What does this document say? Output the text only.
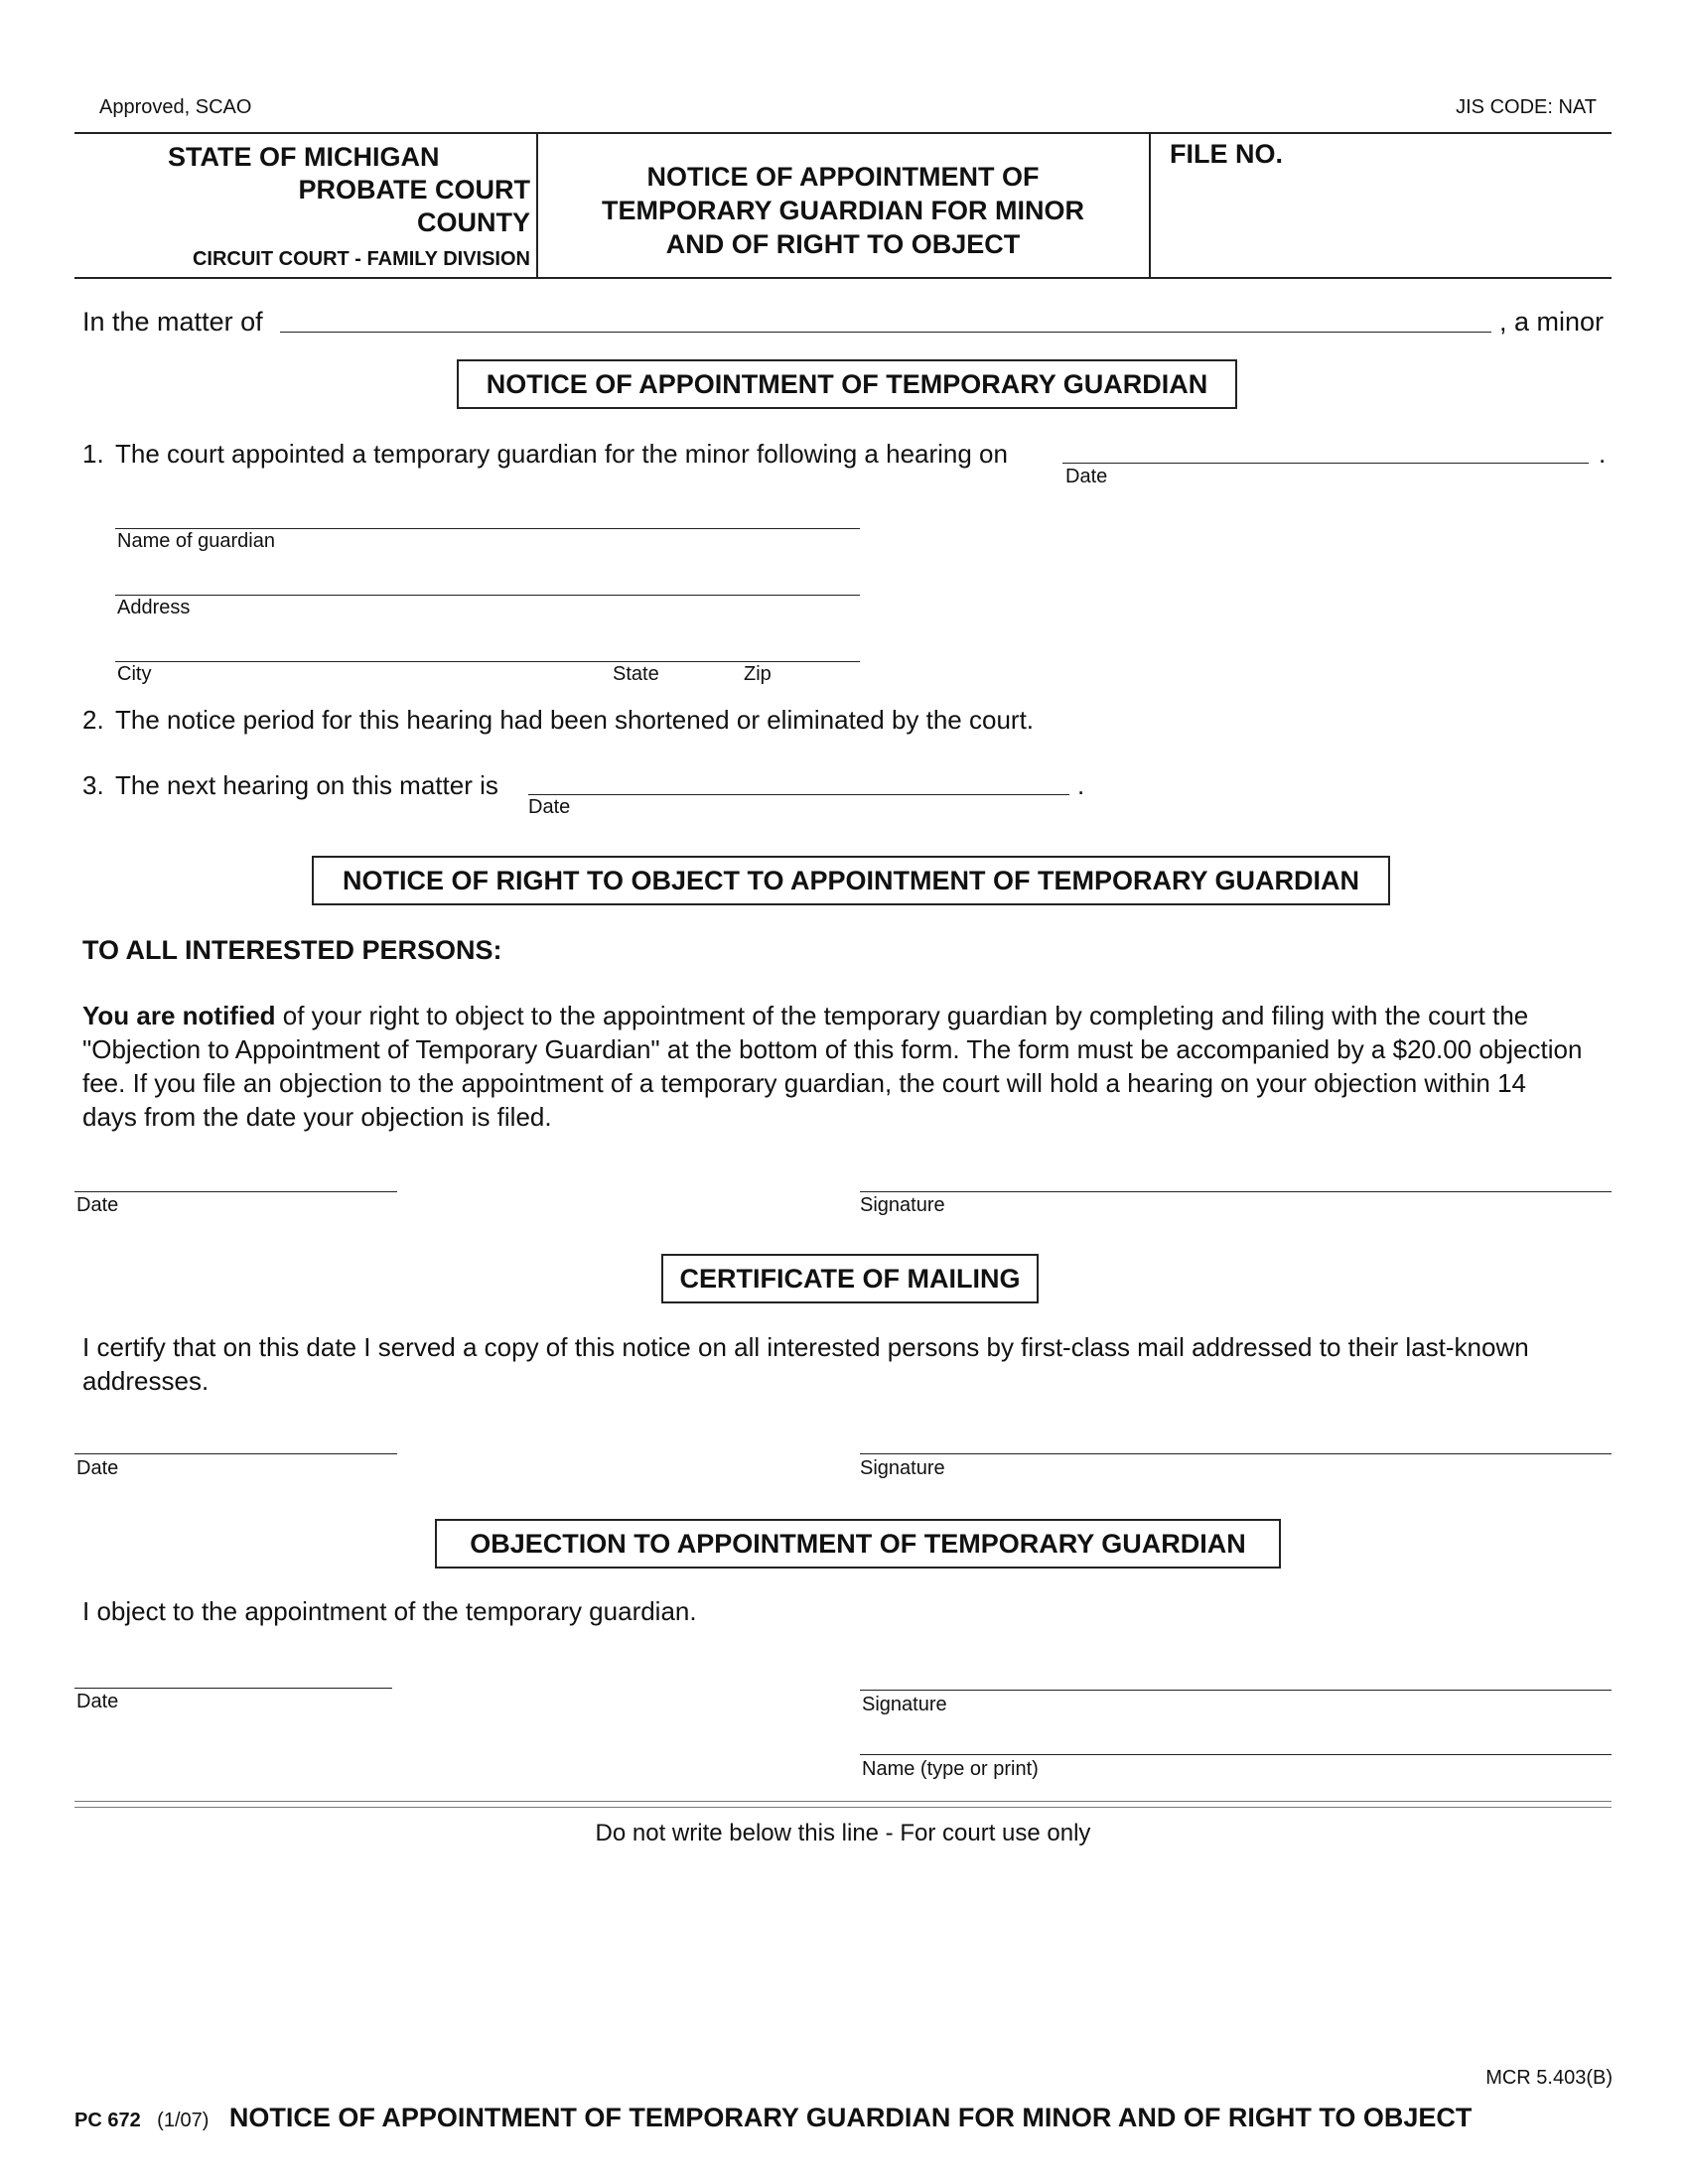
Approved, SCAO	JIS CODE: NAT
STATE OF MICHIGAN
PROBATE COURT
COUNTY
CIRCUIT COURT - FAMILY DIVISION
NOTICE OF APPOINTMENT OF
TEMPORARY GUARDIAN FOR MINOR
AND OF RIGHT TO OBJECT
FILE NO.
In the matter of	, a minor
NOTICE OF APPOINTMENT OF TEMPORARY GUARDIAN
1. The court appointed a temporary guardian for the minor following a hearing on	.
Date
Name of guardian
Address
City	State	Zip
2. The notice period for this hearing had been shortened or eliminated by the court.
3. The next hearing on this matter is	.
Date
NOTICE OF RIGHT TO OBJECT TO APPOINTMENT OF TEMPORARY GUARDIAN
TO ALL INTERESTED PERSONS:
You are notified of your right to object to the appointment of the temporary guardian by completing and filing with the court the
"Objection to Appointment of Temporary Guardian" at the bottom of this form. The form must be accompanied by a $20.00 objection
fee. If you file an objection to the appointment of a temporary guardian, the court will hold a hearing on your objection within 14
days from the date your objection is filed.
Date	Signature
CERTIFICATE OF MAILING
I certify that on this date I served a copy of this notice on all interested persons by first-class mail addressed to their last-known
addresses.
Date	Signature
OBJECTION TO APPOINTMENT OF TEMPORARY GUARDIAN
I object to the appointment of the temporary guardian.
Date	Signature
Name (type or print)
Do not write below this line - For court use only
MCR 5.403(B)
PC 672 (1/07) NOTICE OF APPOINTMENT OF TEMPORARY GUARDIAN FOR MINOR AND OF RIGHT TO OBJECT
